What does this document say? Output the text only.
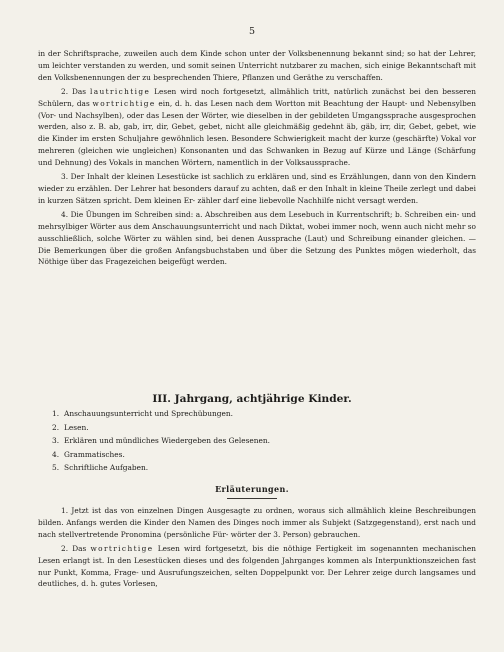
5

in der Schriftsprache, zuweilen auch dem Kinde schon unter der Volksbenennung bekannt sind; so hat der Lehrer, um leichter verstanden zu werden, und somit seinen Unterricht nutzbarer zu machen, sich einige Bekanntschaft mit den Volksbenennungen der zu besprechenden Thiere, Pflanzen und Geräthe zu verschaffen.

2. Das lautrichtige Lesen wird noch fortgesetzt, allmählich tritt, natürlich zunächst bei den besseren Schülern, das wortrichtige ein, d. h. das Lesen nach dem Wortton mit Beachtung der Haupt- und Nebensylben (Vor- und Nachsylben), oder das Lesen der Wörter, wie dieselben in der gebildeten Umgangssprache ausgesprochen werden, also z. B. ab, gab, irr, dir, Gebet, gebet, nicht alle gleichmäßig gedehnt äb, gäb, irr, dir, Gebet, gebet, wie die Kinder im ersten Schuljahre gewöhnlich lesen. Besondere Schwierigkeit macht der kurze (geschärfte) Vokal vor mehreren (gleichen wie ungleichen) Konsonanten und das Schwanken in Bezug auf Kürze und Länge (Schärfung und Dehnung) des Vokals in manchen Wörtern, namentlich in der Volksaussprache.

3. Der Inhalt der kleinen Lesestücke ist sachlich zu erklären und, sind es Erzählungen, dann von den Kindern wieder zu erzählen. Der Lehrer hat besonders darauf zu achten, daß er den Inhalt in kleine Theile zerlegt und dabei in kurzen Sätzen spricht. Dem kleinen Er- zähler darf eine liebevolle Nachhilfe nicht versagt werden.

4. Die Übungen im Schreiben sind: a. Abschreiben aus dem Lesebuch in Kurrentschrift; b. Schreiben ein- und mehrsylbiger Wörter aus dem Anschauungsunterricht und nach Diktat, wobei immer noch, wenn auch nicht mehr so ausschließlich, solche Wörter zu wählen sind, bei denen Aussprache (Laut) und Schreibung einander gleichen. — Die Bemerkungen über die großen Anfangsbuchstaben und über die Setzung des Punktes mögen wiederholt, das Nöthige über das Fragezeichen beigefügt werden.

III. Jahrgang, achtjährige Kinder.
1. Anschauungsunterricht und Sprechübungen.
2. Lesen.
3. Erklären und mündliches Wiedergeben des Gelesenen.
4. Grammatisches.
5. Schriftliche Aufgaben.
Erläuterungen.

1. Jetzt ist das von einzelnen Dingen Ausgesagte zu ordnen, woraus sich allmählich kleine Beschreibungen bilden. Anfangs werden die Kinder den Namen des Dinges noch immer als Subjekt (Satzgegenstand), erst nach und nach stellvertretende Pronomina (persönliche Für- wörter der 3. Person) gebrauchen.

2. Das wortrichtige Lesen wird fortgesetzt, bis die nöthige Fertigkeit im sogenannten mechanischen Lesen erlangt ist. In den Lesestücken dieses und des folgenden Jahrganges kommen als Interpunktionszeichen fast nur Punkt, Komma, Frage- und Ausrufungszeichen, selten Doppelpunkt vor. Der Lehrer zeige durch langsames und deutliches, d. h. gutes Vorlesen,
